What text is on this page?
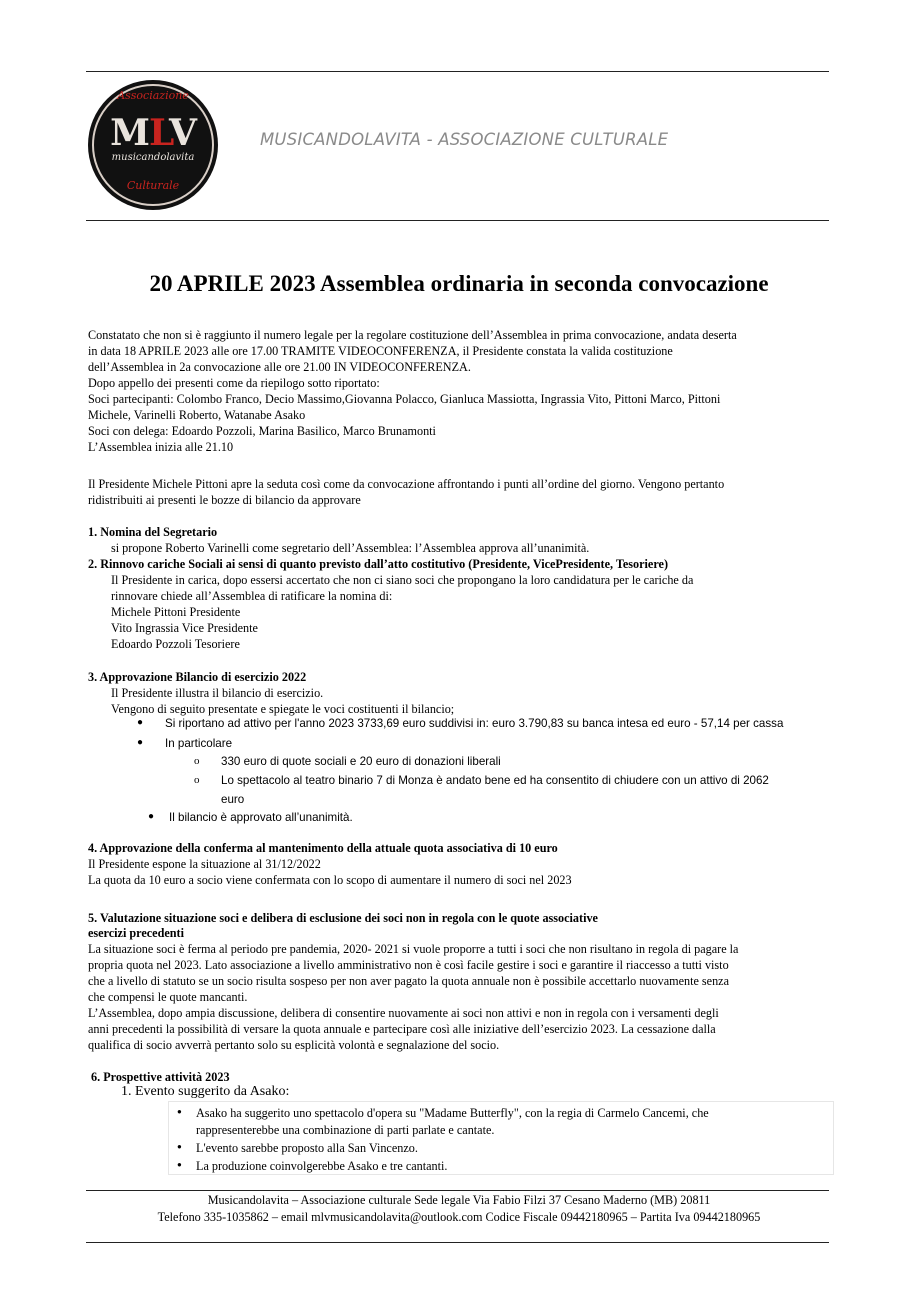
Associazione
MLV
musicandolavita
Culturale
MUSICANDOLAVITA - ASSOCIAZIONE CULTURALE
20 APRILE 2023 Assemblea ordinaria in seconda convocazione
Constatato che non si è raggiunto il numero legale per la regolare costituzione dell’Assemblea in prima convocazione, andata deserta
in data 18 APRILE 2023 alle ore 17.00 TRAMITE VIDEOCONFERENZA, il Presidente constata la valida costituzione
dell’Assemblea in 2a convocazione alle ore 21.00 IN VIDEOCONFERENZA.
Dopo appello dei presenti come da riepilogo sotto riportato:
Soci partecipanti: Colombo Franco, Decio Massimo,Giovanna Polacco, Gianluca Massiotta, Ingrassia Vito, Pittoni Marco, Pittoni
Michele, Varinelli Roberto, Watanabe Asako
Soci con delega: Edoardo Pozzoli, Marina Basilico, Marco Brunamonti
L’Assemblea inizia alle 21.10
Il Presidente Michele Pittoni apre la seduta così come da convocazione affrontando i punti all’ordine del giorno. Vengono pertanto
ridistribuiti ai presenti le bozze di bilancio da approvare
1. Nomina del Segretario
si propone Roberto Varinelli come segretario dell’Assemblea: l’Assemblea approva all’unanimità.
2. Rinnovo cariche Sociali ai sensi di quanto previsto dall’atto costitutivo (Presidente, VicePresidente, Tesoriere)
Il Presidente in carica, dopo essersi accertato che non ci siano soci che propongano la loro candidatura per le cariche da
rinnovare chiede all’Assemblea di ratificare la nomina di:
Michele Pittoni Presidente
Vito Ingrassia Vice Presidente
Edoardo Pozzoli Tesoriere
3. Approvazione Bilancio di esercizio 2022
Il Presidente illustra il bilancio di esercizio.
Vengono di seguito presentate e spiegate le voci costituenti il bilancio;
● Si riportano ad attivo per l'anno 2023 3733,69 euro suddivisi in: euro 3.790,83 su banca intesa ed euro - 57,14 per cassa
● In particolare
o 330 euro di quote sociali e 20 euro di donazioni liberali
o Lo spettacolo al teatro binario 7 di Monza è andato bene ed ha consentito di chiudere con un attivo di 2062
euro
● Il bilancio è approvato all’unanimità.
4. Approvazione della conferma al mantenimento della attuale quota associativa di 10 euro
Il Presidente espone la situazione al 31/12/2022
La quota da 10 euro a socio viene confermata con lo scopo di aumentare il numero di soci nel 2023
5. Valutazione situazione soci e delibera di esclusione dei soci non in regola con le quote associative
esercizi precedenti
La situazione soci è ferma al periodo pre pandemia, 2020- 2021 si vuole proporre a tutti i soci che non risultano in regola di pagare la
propria quota nel 2023. Lato associazione a livello amministrativo non è così facile gestire i soci e garantire il riaccesso a tutti visto
che a livello di statuto se un socio risulta sospeso per non aver pagato la quota annuale non è possibile accettarlo nuovamente senza
che compensi le quote mancanti.
L’Assemblea, dopo ampia discussione, delibera di consentire nuovamente ai soci non attivi e non in regola con i versamenti degli
anni precedenti la possibilità di versare la quota annuale e partecipare così alle iniziative dell’esercizio 2023. La cessazione dalla
qualifica di socio avverrà pertanto solo su esplicità volontà e segnalazione del socio.
6. Prospettive attività 2023
1. Evento suggerito da Asako:
● Asako ha suggerito uno spettacolo d'opera su "Madame Butterfly", con la regia di Carmelo Cancemi, che
rappresenterebbe una combinazione di parti parlate e cantate.
● L'evento sarebbe proposto alla San Vincenzo.
● La produzione coinvolgerebbe Asako e tre cantanti.
Musicandolavita – Associazione culturale Sede legale Via Fabio Filzi 37 Cesano Maderno (MB) 20811
Telefono 335-1035862 – email mlvmusicandolavita@outlook.com Codice Fiscale 09442180965 – Partita Iva 09442180965
